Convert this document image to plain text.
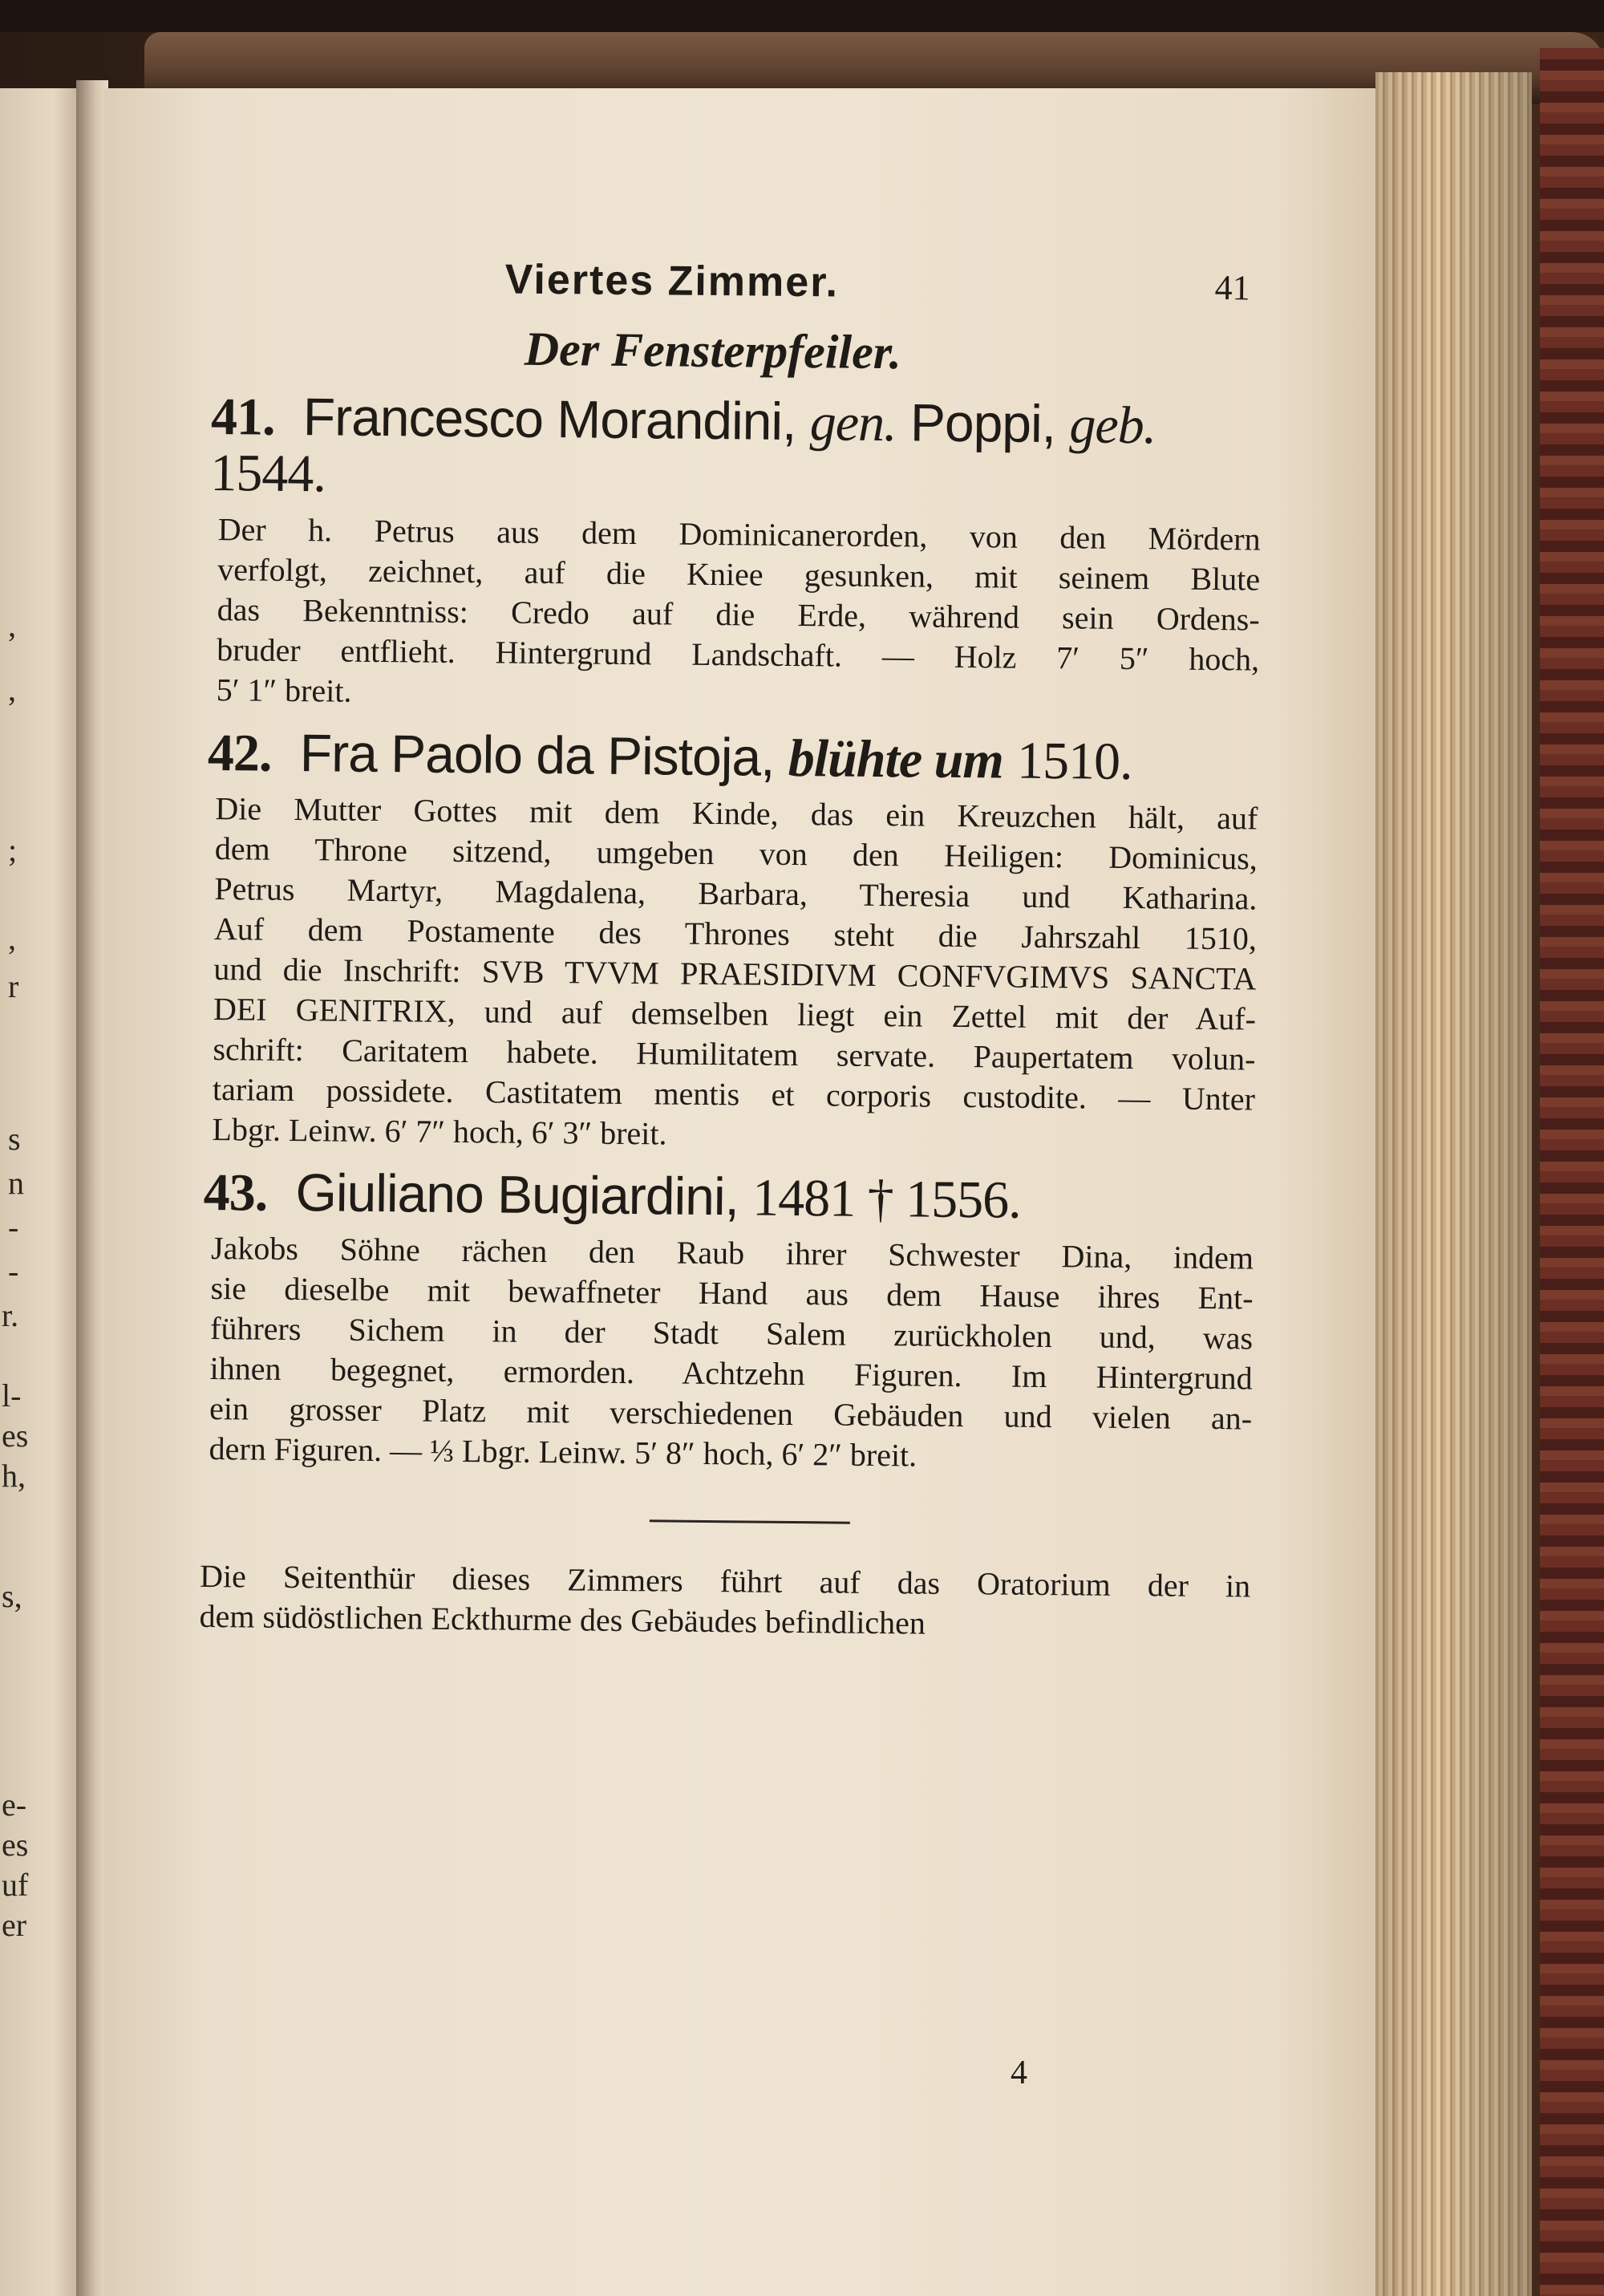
,
,
;
,
r
s
n
-
-
r.
l-
es
h,
s,
e-
es
uf
er
Viertes Zimmer.	41
Der Fensterpfeiler.
41. Francesco Morandini, gen. Poppi, geb. 1544.
Der h. Petrus aus dem Dominicanerorden, von den Mördern
verfolgt, zeichnet, auf die Kniee gesunken, mit seinem Blute
das Bekenntniss: Credo auf die Erde, während sein Ordens-
bruder entflieht. Hintergrund Landschaft. — Holz 7′ 5″ hoch,
5′ 1″ breit.
42. Fra Paolo da Pistoja, blühte um 1510.
Die Mutter Gottes mit dem Kinde, das ein Kreuzchen hält, auf
dem Throne sitzend, umgeben von den Heiligen: Dominicus,
Petrus Martyr, Magdalena, Barbara, Theresia und Katharina.
Auf dem Postamente des Thrones steht die Jahrszahl 1510,
und die Inschrift: SVB TVVM PRAESIDIVM CONFVGIMVS SANCTA
DEI GENITRIX, und auf demselben liegt ein Zettel mit der Auf-
schrift: Caritatem habete. Humilitatem servate. Paupertatem volun-
tariam possidete. Castitatem mentis et corporis custodite. — Unter
Lbgr. Leinw. 6′ 7″ hoch, 6′ 3″ breit.
43. Giuliano Bugiardini, 1481 † 1556.
Jakobs Söhne rächen den Raub ihrer Schwester Dina, indem
sie dieselbe mit bewaffneter Hand aus dem Hause ihres Ent-
führers Sichem in der Stadt Salem zurückholen und, was
ihnen begegnet, ermorden. Achtzehn Figuren. Im Hintergrund
ein grosser Platz mit verschiedenen Gebäuden und vielen an-
dern Figuren. — ⅓ Lbgr. Leinw. 5′ 8″ hoch, 6′ 2″ breit.
Die Seitenthür dieses Zimmers führt auf das Oratorium der in
dem südöstlichen Eckthurme des Gebäudes befindlichen
4
